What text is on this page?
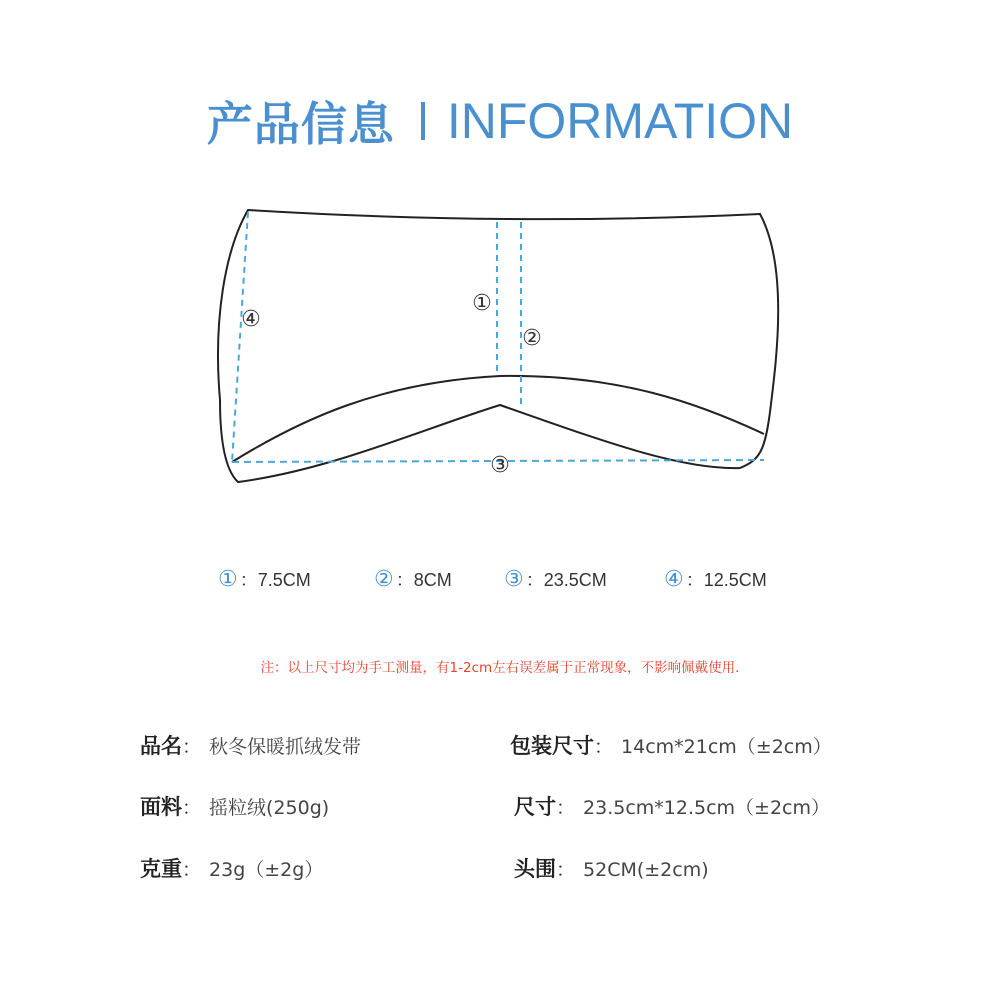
产品信息 INFORMATION
①
②
③
④
① ：7.5CM	② ：8CM ③ ：23.5CM	④ ：12.5CM
注：以上尺寸均为手工测量，有1-2cm左右误差属于正常现象，不影响佩戴使用.
品名 ： 秋冬保暖抓绒发带
面料 ： 摇粒绒(250g)
克重 ： 23g（±2g）
包装尺寸 ： 14cm*21cm（±2cm）
尺寸 ： 23.5cm*12.5cm（±2cm）
头围 ： 52CM(±2cm)
